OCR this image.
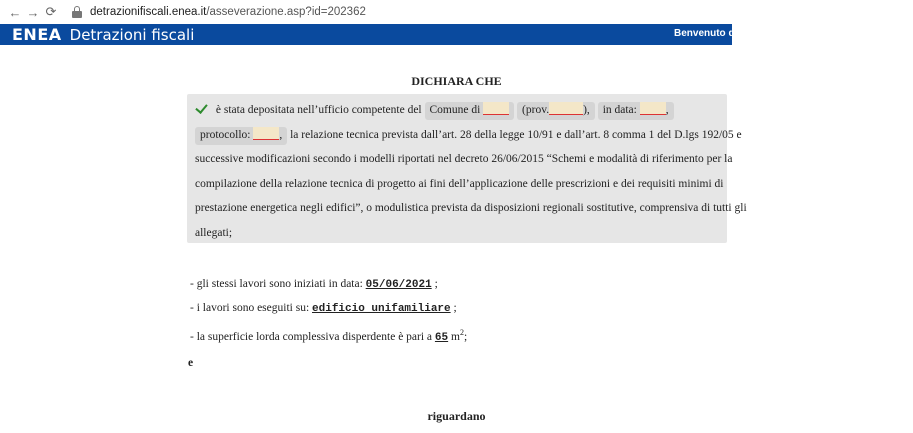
← → ⟳	detrazionifiscali.enea.it/asseverazione.asp?id=202362
ENEA Detrazioni fiscali	Benvenuto dot
DICHIARA CHE
è stata depositata nell’ufficio competente del Comune di	(prov.	), in data:	,
protocollo:	, la relazione tecnica prevista dall’art. 28 della legge 10/91 e dall’art. 8 comma 1 del D.lgs 192/05 e
successive modificazioni secondo i modelli riportati nel decreto 26/06/2015 “Schemi e modalità di riferimento per la
compilazione della relazione tecnica di progetto ai fini dell’applicazione delle prescrizioni e dei requisiti minimi di
prestazione energetica negli edifici”, o modulistica prevista da disposizioni regionali sostitutive, comprensiva di tutti gli
allegati;
- gli stessi lavori sono iniziati in data: 05/06/2021 ;
- i lavori sono eseguiti su: edificio unifamiliare ;
- la superficie lorda complessiva disperdente è pari a 65 $m^2$;
e
riguardano
